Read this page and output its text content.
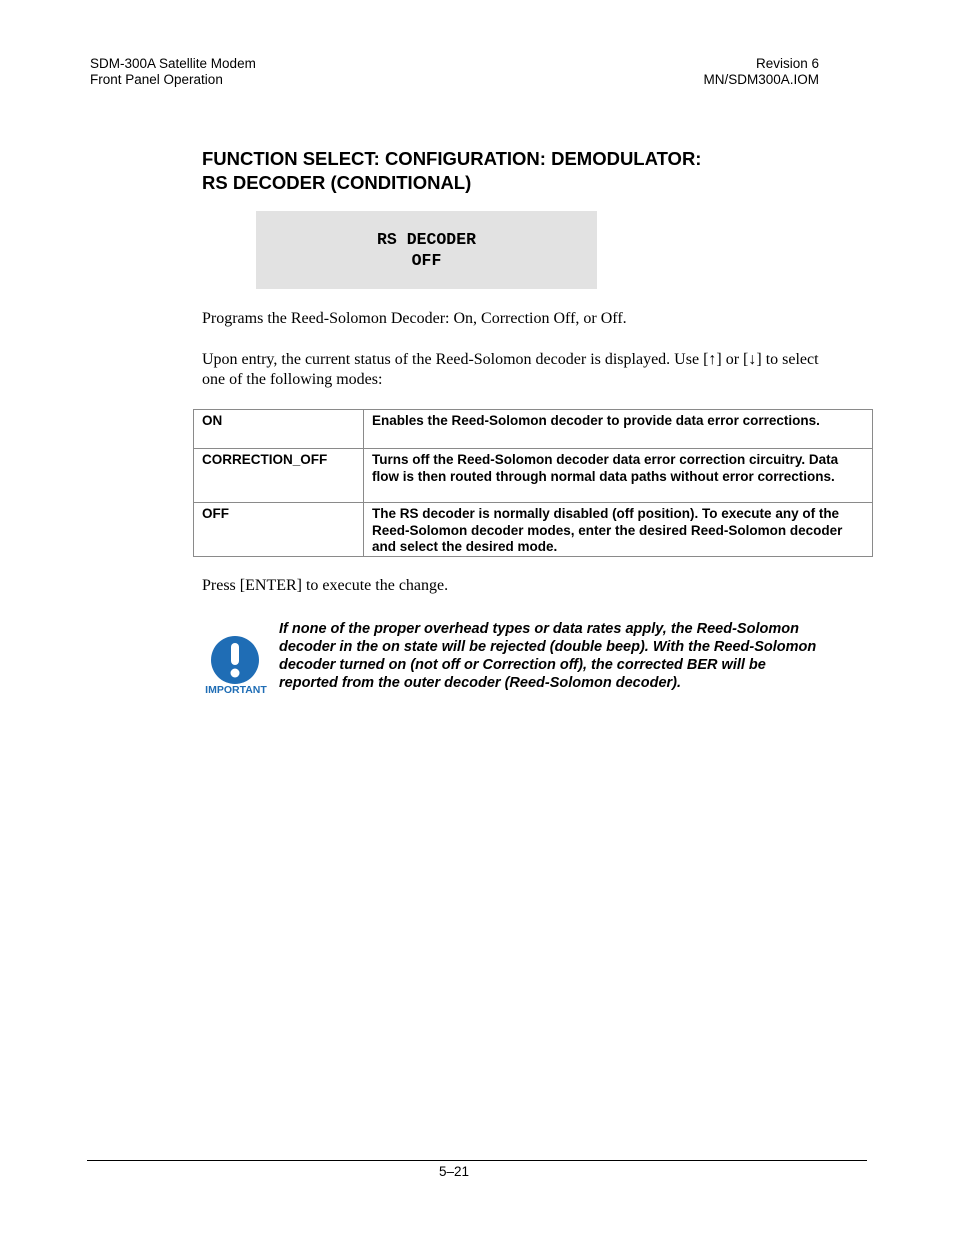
SDM-300A Satellite Modem
Front Panel Operation
Revision 6
MN/SDM300A.IOM
FUNCTION SELECT: CONFIGURATION: DEMODULATOR:
RS DECODER (CONDITIONAL)
RS DECODER
OFF
Programs the Reed-Solomon Decoder: On, Correction Off, or Off.
Upon entry, the current status of the Reed-Solomon decoder is displayed. Use [↑] or [↓] to select one of the following modes:
ON	Enables the Reed-Solomon decoder to provide data error corrections.
CORRECTION_OFF	Turns off the Reed-Solomon decoder data error correction circuitry. Data flow is then routed through normal data paths without error corrections.
OFF	The RS decoder is normally disabled (off position). To execute any of the Reed-Solomon decoder modes, enter the desired Reed-Solomon decoder and select the desired mode.
Press [ENTER] to execute the change.
IMPORTANT
If none of the proper overhead types or data rates apply, the Reed-Solomon decoder in the on state will be rejected (double beep). With the Reed-Solomon decoder turned on (not off or Correction off), the corrected BER will be reported from the outer decoder (Reed-Solomon decoder).
5–21
